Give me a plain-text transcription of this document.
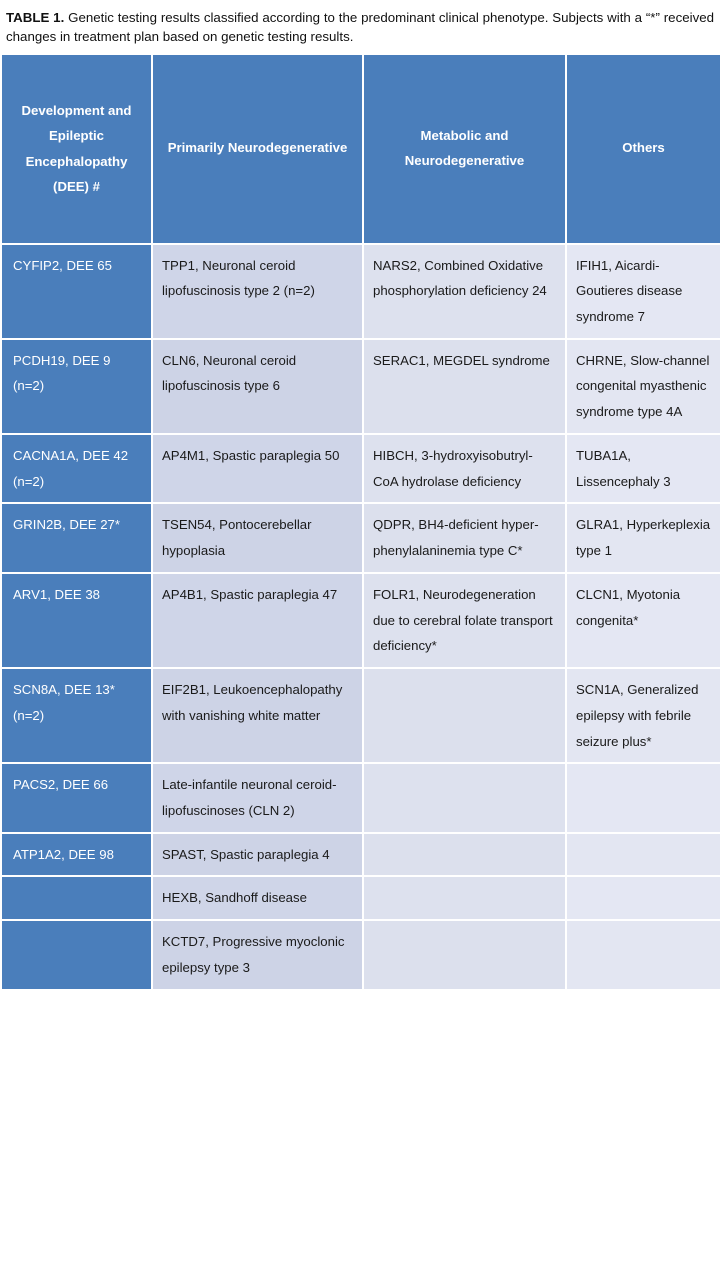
TABLE 1. Genetic testing results classified according to the predominant clinical phenotype. Subjects with a “*” received changes in treatment plan based on genetic testing results.
Development and Epileptic Encephalopathy (DEE) #	Primarily Neurodegenerative	Metabolic and Neurodegenerative	Others
CYFIP2, DEE 65	TPP1, Neuronal ceroid lipofuscinosis type 2 (n=2)	NARS2, Combined Oxidative phosphorylation deficiency 24	IFIH1, Aicardi-Goutieres disease syndrome 7
PCDH19, DEE 9 (n=2)	CLN6, Neuronal ceroid lipofuscinosis type 6	SERAC1, MEGDEL syndrome	CHRNE, Slow-channel congenital myasthenic syndrome type 4A
CACNA1A, DEE 42 (n=2)	AP4M1, Spastic paraplegia 50	HIBCH, 3-hydroxyisobutryl-CoA hydrolase deficiency	TUBA1A, Lissencephaly 3
GRIN2B, DEE 27*	TSEN54, Pontocerebellar hypoplasia	QDPR, BH4-deficient hyper-phenylalaninemia type C*	GLRA1, Hyperkeplexia type 1
ARV1, DEE 38	AP4B1, Spastic paraplegia 47	FOLR1, Neurodegeneration due to cerebral folate transport deficiency*	CLCN1, Myotonia congenita*
SCN8A, DEE 13* (n=2)	EIF2B1, Leukoencephalopathy with vanishing white matter		SCN1A, Generalized epilepsy with febrile seizure plus*
PACS2, DEE 66	Late-infantile neuronal ceroid-lipofuscinoses (CLN 2)		
ATP1A2, DEE 98	SPAST, Spastic paraplegia 4		
	HEXB, Sandhoff disease		
	KCTD7, Progressive myoclonic epilepsy type 3		
